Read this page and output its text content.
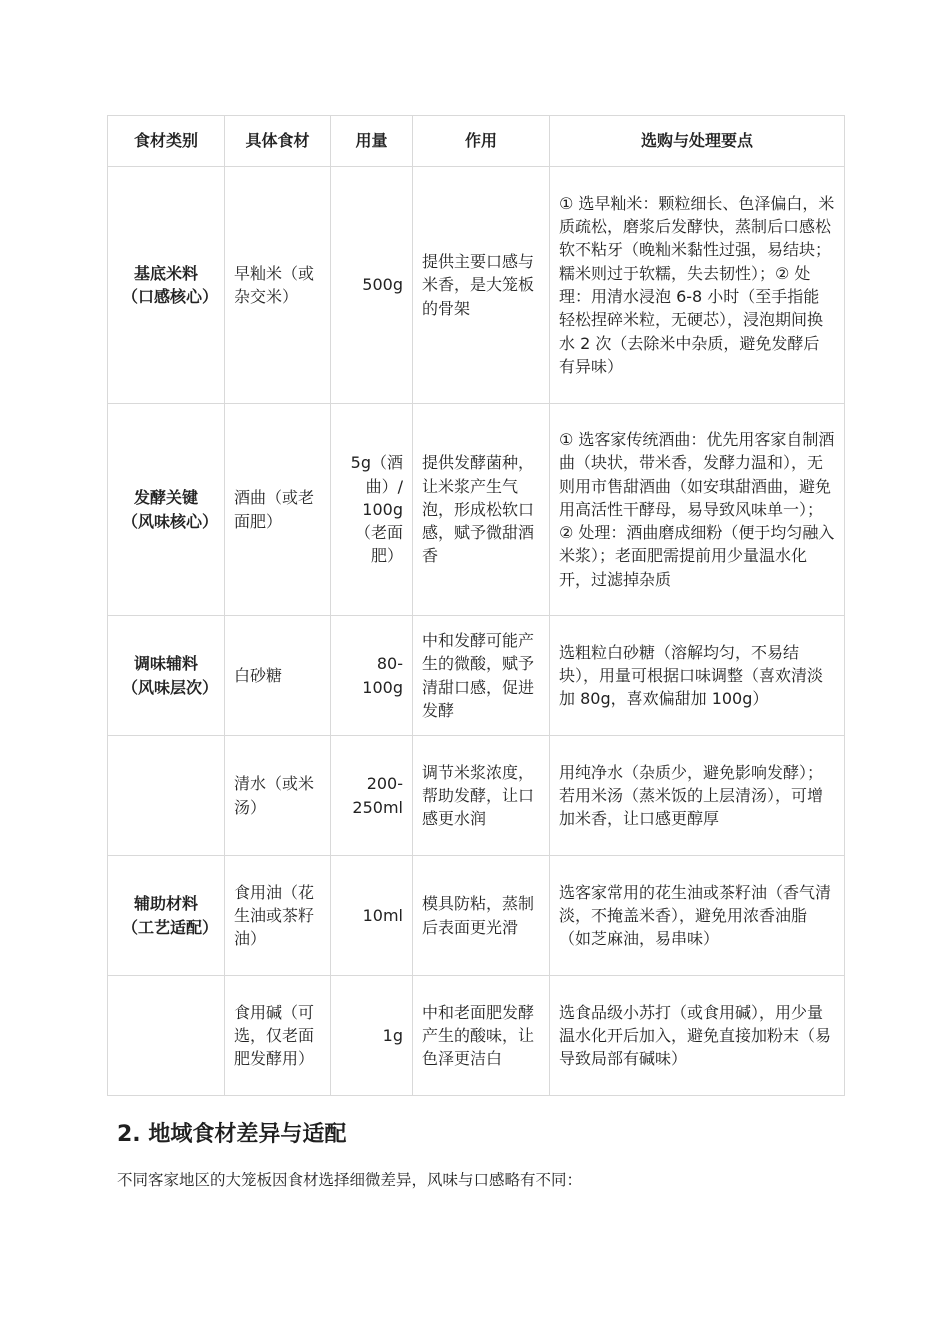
食材类别	具体食材	用量	作用	选购与处理要点
基底米料（口感核心）	早籼米（或杂交米）	500g	提供主要口感与米香，是大笼板的骨架	① 选早籼米：颗粒细长、色泽偏白，米质疏松，磨浆后发酵快，蒸制后口感松软不粘牙（晚籼米黏性过强，易结块；糯米则过于软糯，失去韧性）；② 处理：用清水浸泡 6-8 小时（至手指能轻松捏碎米粒，无硬芯），浸泡期间换水 2 次（去除米中杂质，避免发酵后有异味）
发酵关键（风味核心）	酒曲（或老面肥）	5g（酒曲）/ 100g（老面肥）	提供发酵菌种，让米浆产生气泡，形成松软口感，赋予微甜酒香	① 选客家传统酒曲：优先用客家自制酒曲（块状，带米香，发酵力温和），无则用市售甜酒曲（如安琪甜酒曲，避免用高活性干酵母，易导致风味单一）；② 处理：酒曲磨成细粉（便于均匀融入米浆）；老面肥需提前用少量温水化开，过滤掉杂质
调味辅料（风味层次）	白砂糖	80-100g	中和发酵可能产生的微酸，赋予清甜口感，促进发酵	选粗粒白砂糖（溶解均匀，不易结块），用量可根据口味调整（喜欢清淡加 80g，喜欢偏甜加 100g）
	清水（或米汤）	200-250ml	调节米浆浓度，帮助发酵，让口感更水润	用纯净水（杂质少，避免影响发酵）；若用米汤（蒸米饭的上层清汤），可增加米香，让口感更醇厚
辅助材料（工艺适配）	食用油（花生油或茶籽油）	10ml	模具防粘，蒸制后表面更光滑	选客家常用的花生油或茶籽油（香气清淡，不掩盖米香），避免用浓香油脂（如芝麻油，易串味）
	食用碱（可选，仅老面肥发酵用）	1g	中和老面肥发酵产生的酸味，让色泽更洁白	选食品级小苏打（或食用碱），用少量温水化开后加入，避免直接加粉末（易导致局部有碱味）
2. 地域食材差异与适配

不同客家地区的大笼板因食材选择细微差异，风味与口感略有不同：
